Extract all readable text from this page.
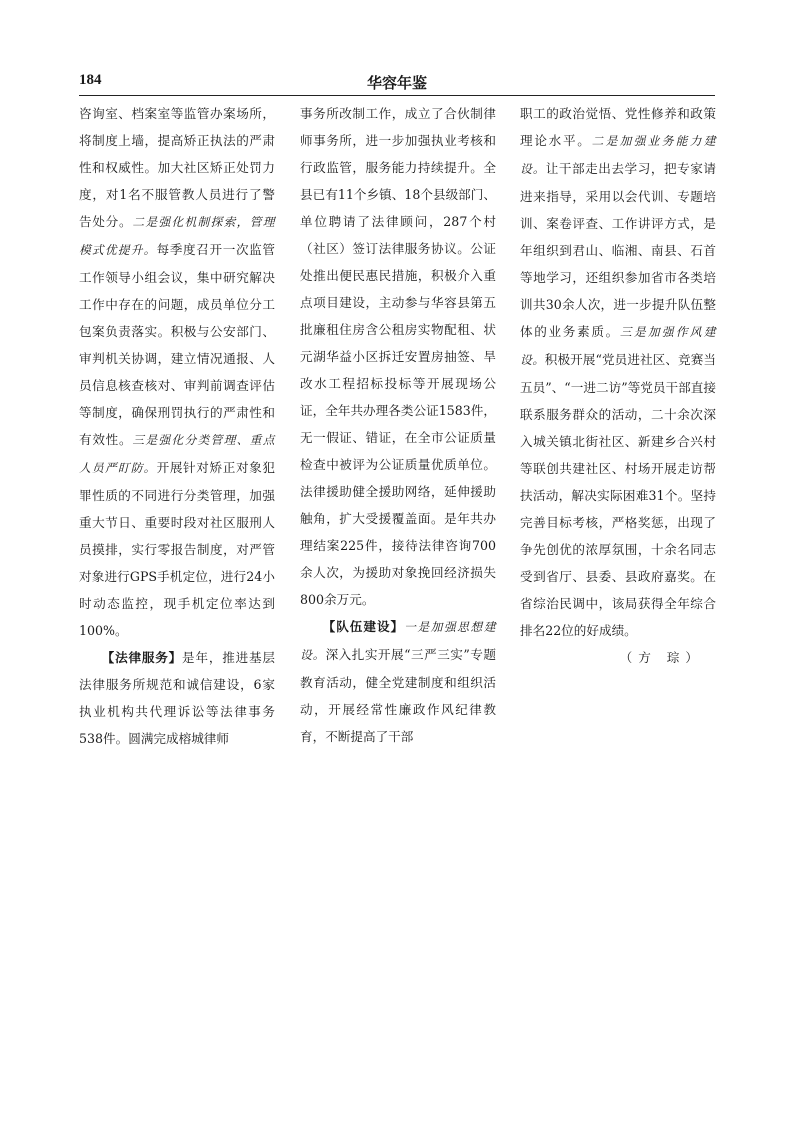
184	华容年鉴

咨询室、档案室等监管办案场所，将制度上墙，提高矫正执法的严肃性和权威性。加大社区矫正处罚力度，对1名不服管教人员进行了警告处分。二是强化机制探索，管理模式优提升。每季度召开一次监管工作领导小组会议，集中研究解决工作中存在的问题，成员单位分工包案负责落实。积极与公安部门、审判机关协调，建立情况通报、人员信息核查核对、审判前调查评估等制度，确保刑罚执行的严肃性和有效性。三是强化分类管理、重点人员严盯防。开展针对矫正对象犯罪性质的不同进行分类管理，加强重大节日、重要时段对社区服刑人员摸排，实行零报告制度，对严管对象进行GPS手机定位，进行24小时动态监控，现手机定位率达到100%。

【法律服务】是年，推进基层法律服务所规范和诚信建设，6家执业机构共代理诉讼等法律事务538件。圆满完成榕城律师

事务所改制工作，成立了合伙制律师事务所，进一步加强执业考核和行政监管，服务能力持续提升。全县已有11个乡镇、18个县级部门、单位聘请了法律顾问，287个村（社区）签订法律服务协议。公证处推出便民惠民措施，积极介入重点项目建设，主动参与华容县第五批廉租住房含公租房实物配租、状元湖华益小区拆迁安置房抽签、旱改水工程招标投标等开展现场公证，全年共办理各类公证1583件，无一假证、错证，在全市公证质量检查中被评为公证质量优质单位。法律援助健全援助网络，延伸援助触角，扩大受援覆盖面。是年共办理结案225件，接待法律咨询700余人次，为援助对象挽回经济损失800余万元。

【队伍建设】一是加强思想建设。深入扎实开展“三严三实”专题教育活动，健全党建制度和组织活动，开展经常性廉政作风纪律教育，不断提高了干部

职工的政治觉悟、党性修养和政策理论水平。二是加强业务能力建设。让干部走出去学习，把专家请进来指导，采用以会代训、专题培训、案卷评查、工作讲评方式，是年组织到君山、临湘、南县、石首等地学习，还组织参加省市各类培训共30余人次，进一步提升队伍整体的业务素质。三是加强作风建设。积极开展“党员进社区、竞赛当五员”、“一进二访”等党员干部直接联系服务群众的活动，二十余次深入城关镇北街社区、新建乡合兴村等联创共建社区、村场开展走访帮扶活动，解决实际困难31个。坚持完善目标考核，严格奖惩，出现了争先创优的浓厚氛围，十余名同志受到省厅、县委、县政府嘉奖。在省综治民调中，该局获得全年综合排名22位的好成绩。

（方 琮）
